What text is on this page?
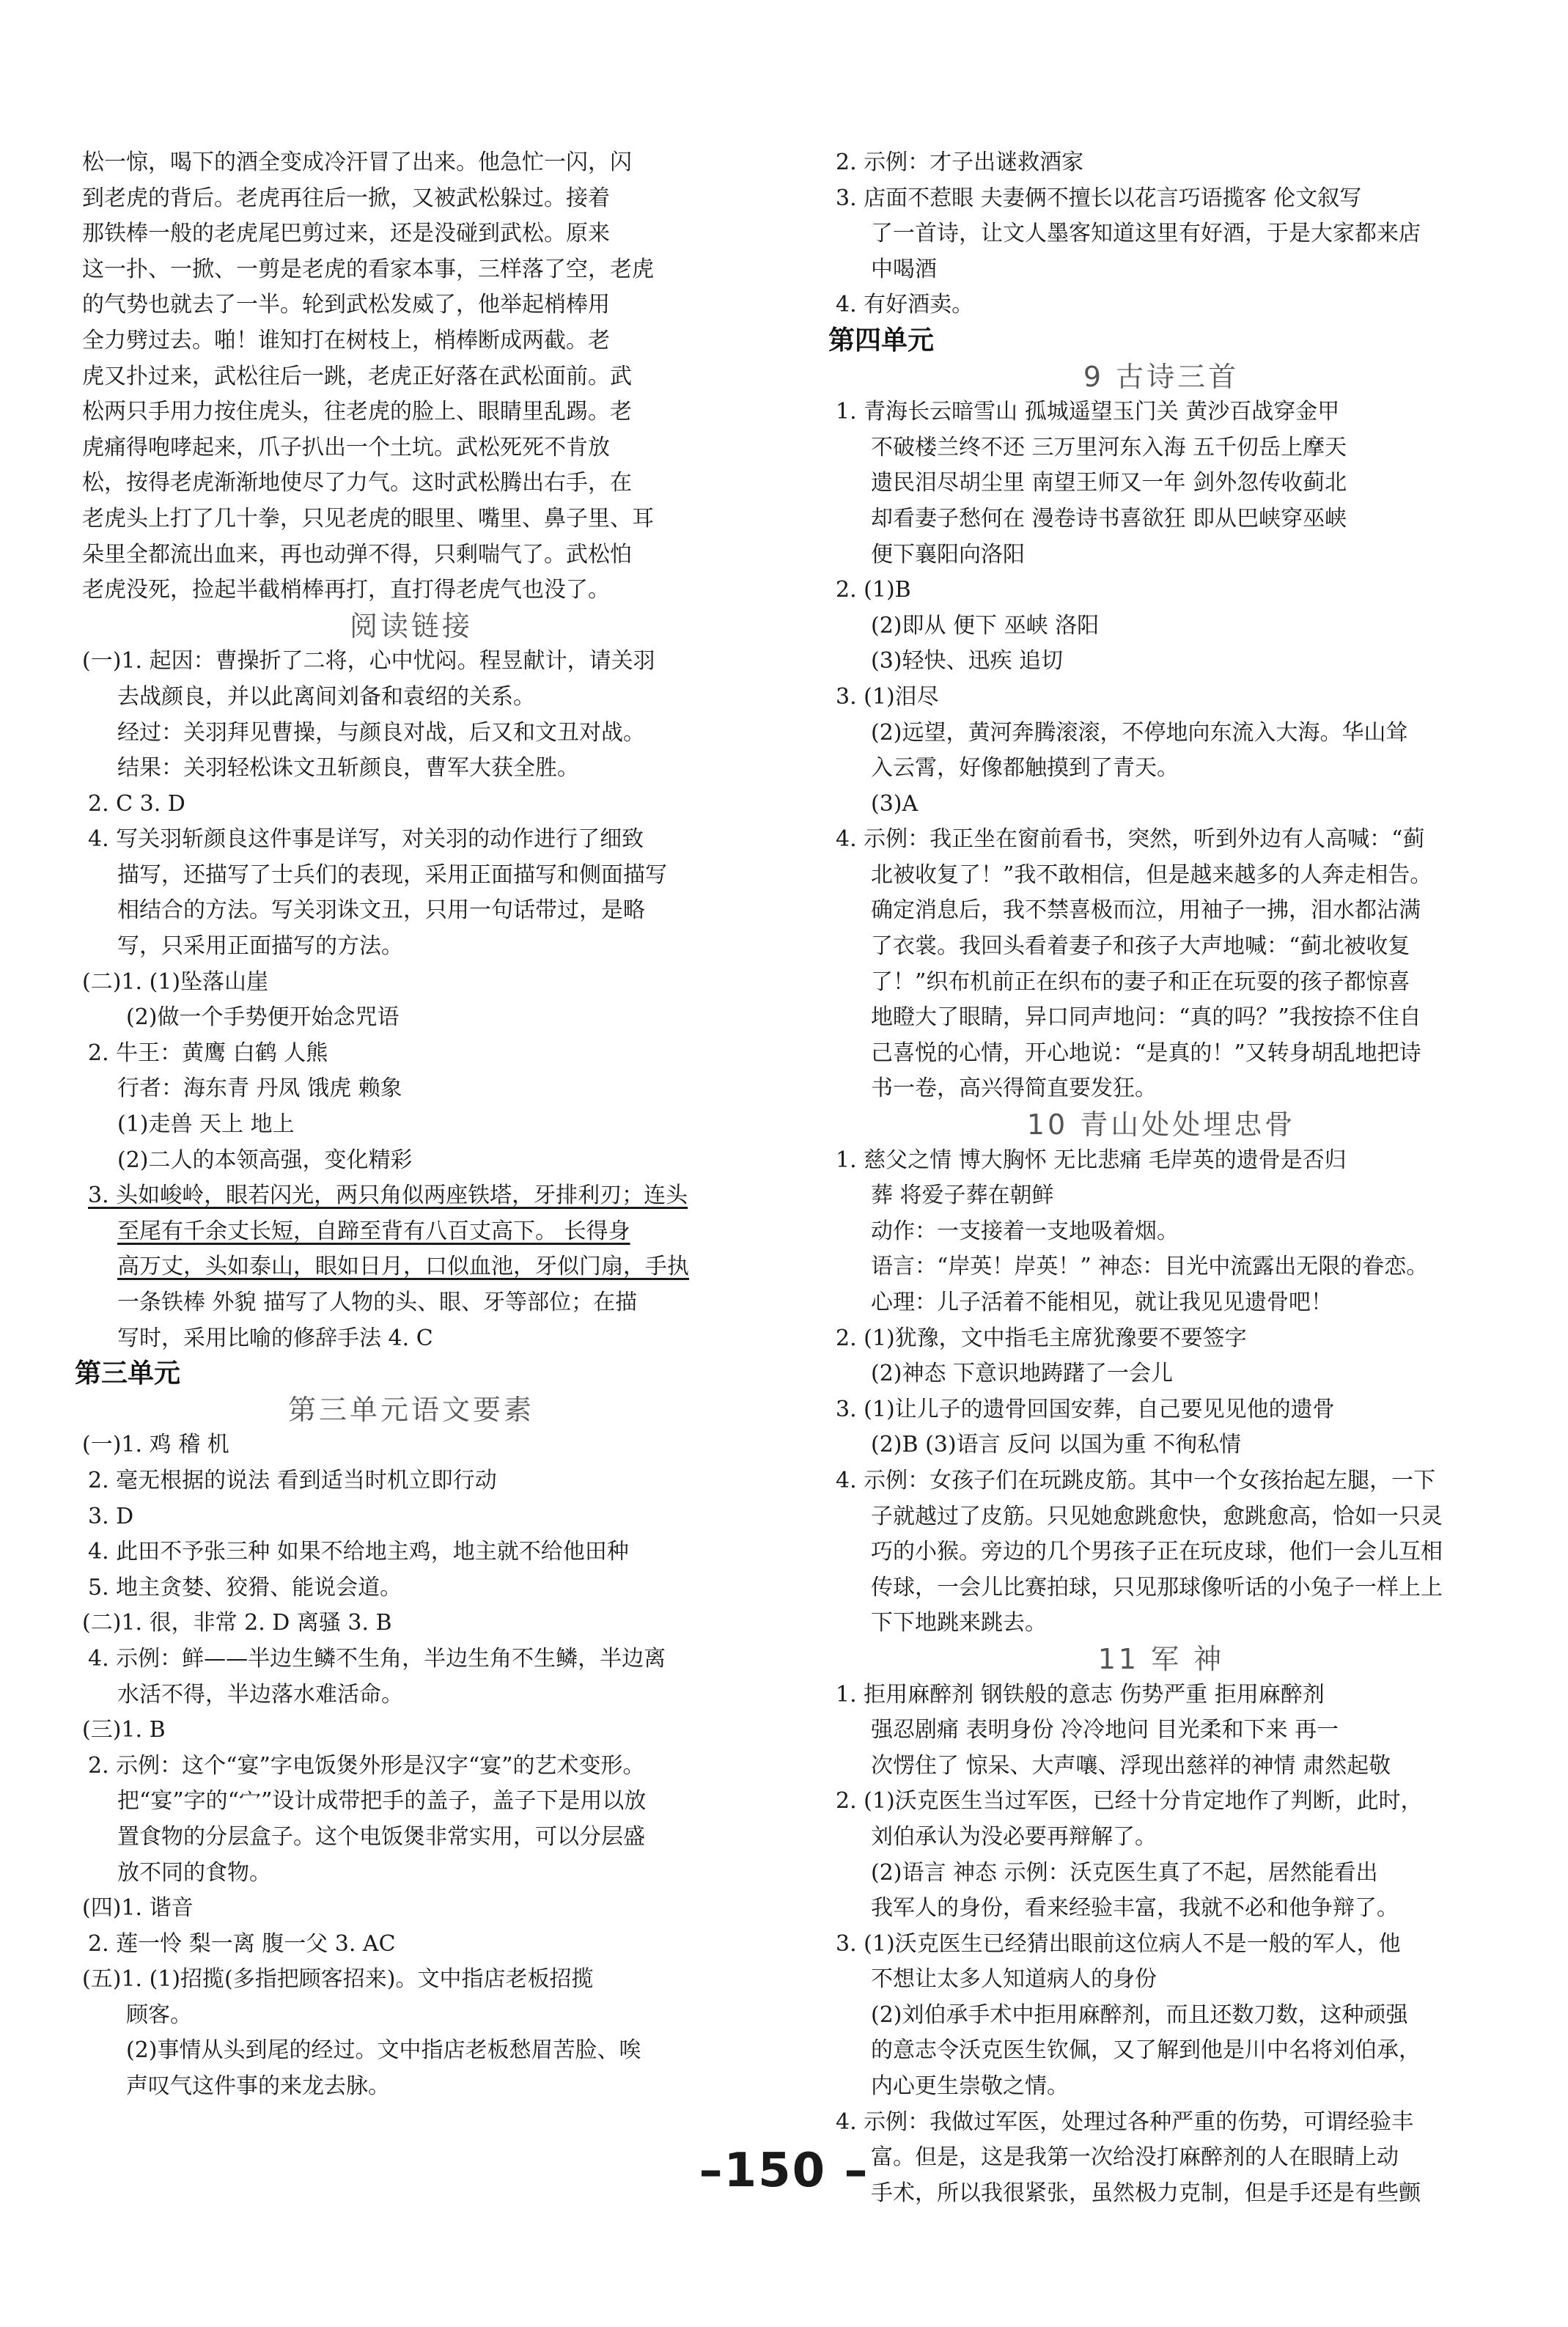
松一惊，喝下的酒全变成冷汗冒了出来。他急忙一闪，闪
到老虎的背后。老虎再往后一掀，又被武松躲过。接着
那铁棒一般的老虎尾巴剪过来，还是没碰到武松。原来
这一扑、一掀、一剪是老虎的看家本事，三样落了空，老虎
的气势也就去了一半。轮到武松发威了，他举起梢棒用
全力劈过去。啪！谁知打在树枝上，梢棒断成两截。老
虎又扑过来，武松往后一跳，老虎正好落在武松面前。武
松两只手用力按住虎头，往老虎的脸上、眼睛里乱踢。老
虎痛得咆哮起来，爪子扒出一个土坑。武松死死不肯放
松，按得老虎渐渐地使尽了力气。这时武松腾出右手，在
老虎头上打了几十拳，只见老虎的眼里、嘴里、鼻子里、耳
朵里全都流出血来，再也动弹不得，只剩喘气了。武松怕
老虎没死，捡起半截梢棒再打，直打得老虎气也没了。
阅读链接
(一)1. 起因：曹操折了二将，心中忧闷。程昱献计，请关羽
去战颜良，并以此离间刘备和袁绍的关系。
经过：关羽拜见曹操，与颜良对战，后又和文丑对战。
结果：关羽轻松诛文丑斩颜良，曹军大获全胜。
2. C 3. D
4. 写关羽斩颜良这件事是详写，对关羽的动作进行了细致
描写，还描写了士兵们的表现，采用正面描写和侧面描写
相结合的方法。写关羽诛文丑，只用一句话带过，是略
写，只采用正面描写的方法。
(二)1. (1)坠落山崖
(2)做一个手势便开始念咒语
2. 牛王：黄鹰 白鹤 人熊
行者：海东青 丹凤 饿虎 赖象
(1)走兽 天上 地上
(2)二人的本领高强，变化精彩
3. 头如峻岭，眼若闪光，两只角似两座铁塔，牙排利刃；连头
至尾有千余丈长短，自蹄至背有八百丈高下。 长得身
高万丈，头如泰山，眼如日月，口似血池，牙似门扇，手执
一条铁棒 外貌 描写了人物的头、眼、牙等部位；在描
写时，采用比喻的修辞手法 4. C
第三单元
第三单元语文要素
(一)1. 鸡 稽 机
2. 毫无根据的说法 看到适当时机立即行动
3. D
4. 此田不予张三种 如果不给地主鸡，地主就不给他田种
5. 地主贪婪、狡猾、能说会道。
(二)1. 很，非常 2. D 离骚 3. B
4. 示例：鲜——半边生鳞不生角，半边生角不生鳞，半边离
水活不得，半边落水难活命。
(三)1. B
2. 示例：这个“宴”字电饭煲外形是汉字“宴”的艺术变形。
把“宴”字的“宀”设计成带把手的盖子，盖子下是用以放
置食物的分层盒子。这个电饭煲非常实用，可以分层盛
放不同的食物。
(四)1. 谐音
2. 莲一怜 梨一离 腹一父 3. AC
(五)1. (1)招揽(多指把顾客招来)。文中指店老板招揽
顾客。
(2)事情从头到尾的经过。文中指店老板愁眉苦脸、唉
声叹气这件事的来龙去脉。
2. 示例：才子出谜救酒家
3. 店面不惹眼 夫妻俩不擅长以花言巧语揽客 伦文叙写
了一首诗，让文人墨客知道这里有好酒，于是大家都来店
中喝酒
4. 有好酒卖。
第四单元
9 古诗三首
1. 青海长云暗雪山 孤城遥望玉门关 黄沙百战穿金甲
不破楼兰终不还 三万里河东入海 五千仞岳上摩天
遗民泪尽胡尘里 南望王师又一年 剑外忽传收蓟北
却看妻子愁何在 漫卷诗书喜欲狂 即从巴峡穿巫峡
便下襄阳向洛阳
2. (1)B
(2)即从 便下 巫峡 洛阳
(3)轻快、迅疾 追切
3. (1)泪尽
(2)远望，黄河奔腾滚滚，不停地向东流入大海。华山耸
入云霄，好像都触摸到了青天。
(3)A
4. 示例：我正坐在窗前看书，突然，听到外边有人高喊：“蓟
北被收复了！”我不敢相信，但是越来越多的人奔走相告。
确定消息后，我不禁喜极而泣，用袖子一拂，泪水都沾满
了衣裳。我回头看着妻子和孩子大声地喊：“蓟北被收复
了！”织布机前正在织布的妻子和正在玩耍的孩子都惊喜
地瞪大了眼睛，异口同声地问：“真的吗？”我按捺不住自
己喜悦的心情，开心地说：“是真的！”又转身胡乱地把诗
书一卷，高兴得简直要发狂。
10 青山处处埋忠骨
1. 慈父之情 博大胸怀 无比悲痛 毛岸英的遗骨是否归
葬 将爱子葬在朝鲜
动作：一支接着一支地吸着烟。
语言：“岸英！岸英！” 神态：目光中流露出无限的眷恋。
心理：儿子活着不能相见，就让我见见遗骨吧！
2. (1)犹豫，文中指毛主席犹豫要不要签字
(2)神态 下意识地踌躇了一会儿
3. (1)让儿子的遗骨回国安葬，自己要见见他的遗骨
(2)B (3)语言 反问 以国为重 不徇私情
4. 示例：女孩子们在玩跳皮筋。其中一个女孩抬起左腿，一下
子就越过了皮筋。只见她愈跳愈快，愈跳愈高，恰如一只灵
巧的小猴。旁边的几个男孩子正在玩皮球，他们一会儿互相
传球，一会儿比赛拍球，只见那球像听话的小兔子一样上上
下下地跳来跳去。
11 军 神
1. 拒用麻醉剂 钢铁般的意志 伤势严重 拒用麻醉剂
强忍剧痛 表明身份 冷冷地问 目光柔和下来 再一
次愣住了 惊呆、大声嚷、浮现出慈祥的神情 肃然起敬
2. (1)沃克医生当过军医，已经十分肯定地作了判断，此时，
刘伯承认为没必要再辩解了。
(2)语言 神态 示例：沃克医生真了不起，居然能看出
我军人的身份，看来经验丰富，我就不必和他争辩了。
3. (1)沃克医生已经猜出眼前这位病人不是一般的军人，他
不想让太多人知道病人的身份
(2)刘伯承手术中拒用麻醉剂，而且还数刀数，这种顽强
的意志令沃克医生钦佩，又了解到他是川中名将刘伯承，
内心更生崇敬之情。
4. 示例：我做过军医，处理过各种严重的伤势，可谓经验丰
富。但是，这是我第一次给没打麻醉剂的人在眼睛上动
手术，所以我很紧张，虽然极力克制，但是手还是有些颤
–150 –
